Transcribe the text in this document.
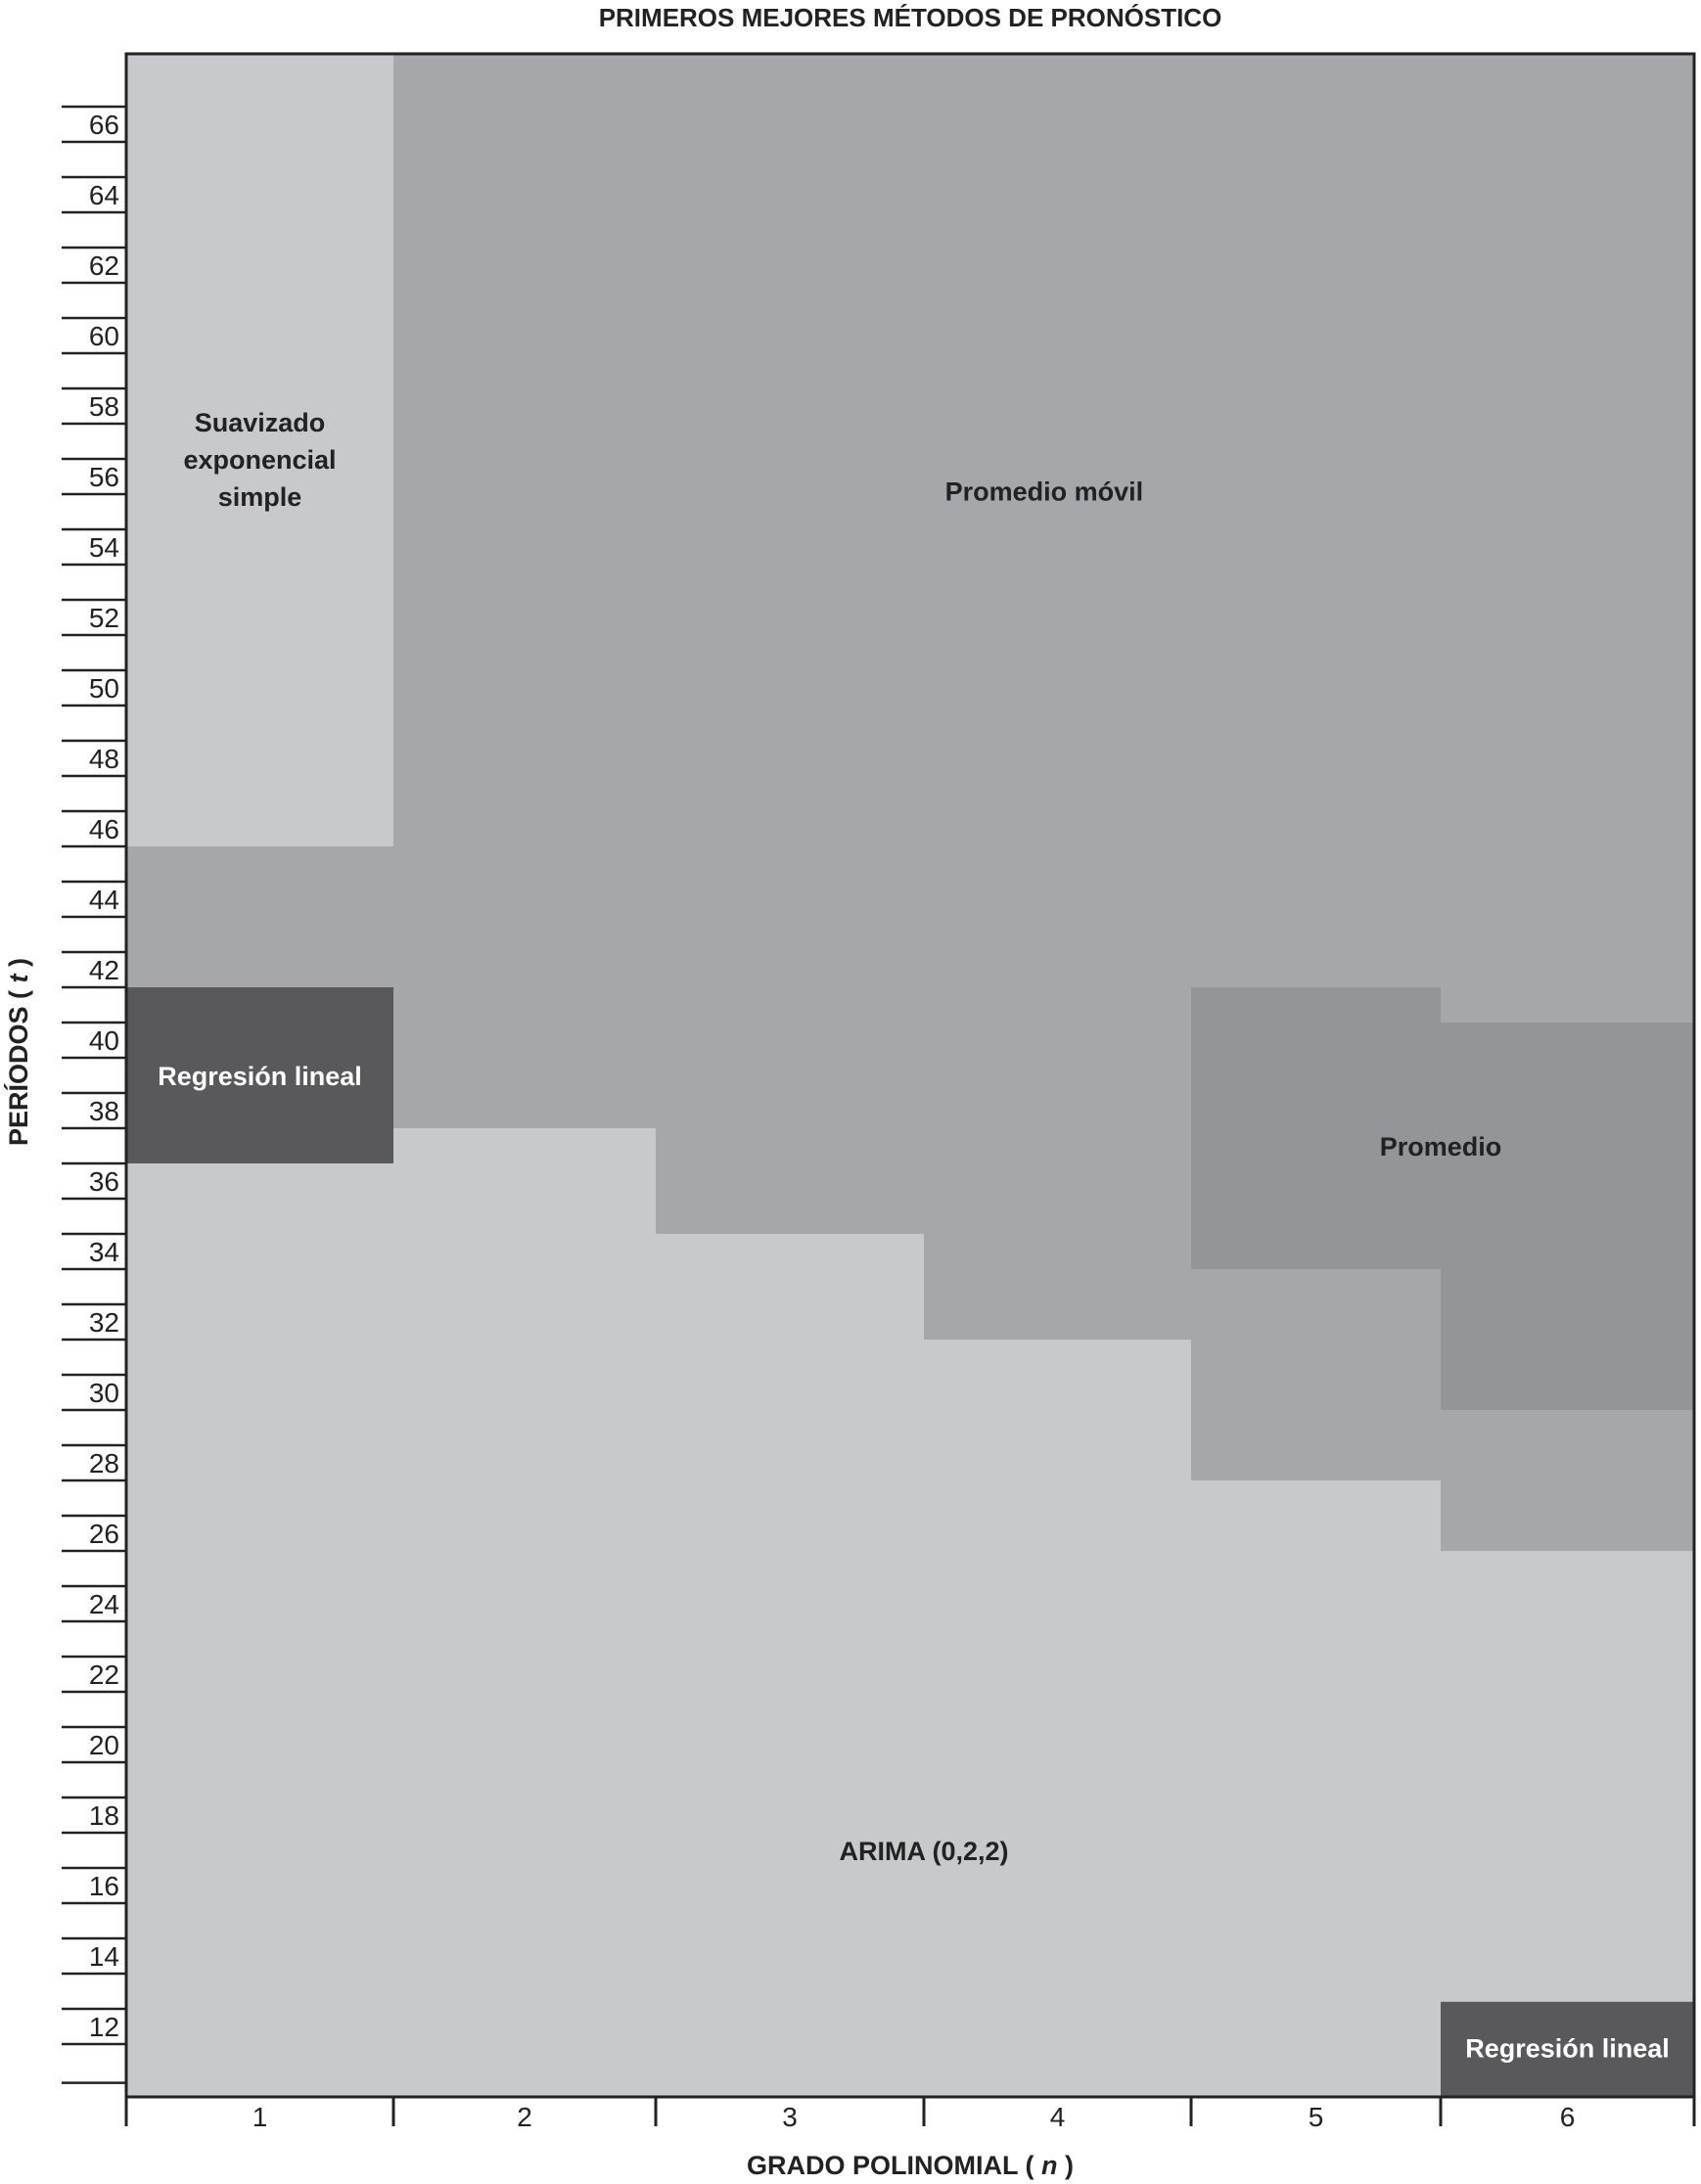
12
14
16
18
20
22
24
26
28
30
32
34
36
38
40
42
44
46
48
50
52
54
56
58
60
62
64
66
1	2	3	4	5	6
Suavizado exponencial simple	Promedio móvil
Regresión lineal
Promedio
ARIMA (0,2,2)
Regresión lineal
PRIMEROS MEJORES MÉTODOS DE PRONÓSTICO
GRADO POLINOMIAL ( n )
PERÍODOS ( t )
